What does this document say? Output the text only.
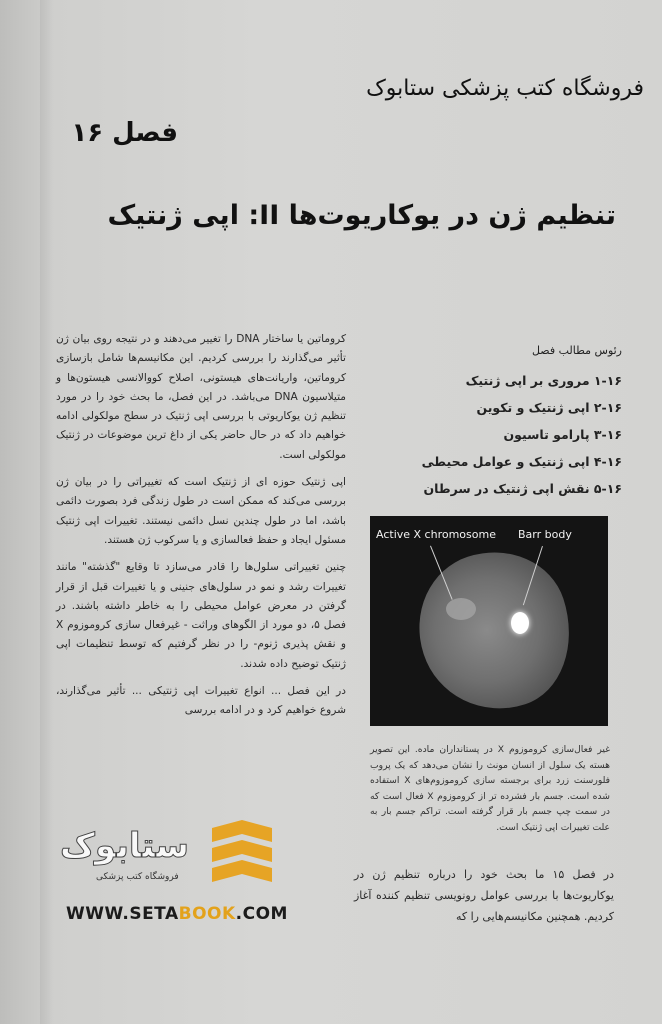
فروشگاه کتب پزشکی ستابوک
فصل ۱۶
تنظیم ژن در یوکاریوت‌ها II: اپی ژنتیک

کروماتین یا ساختار DNA را تغییر می‌دهند و در نتیجه روی بیان ژن تأثیر می‌گذارند را بررسی کردیم. این مکانیسم‌ها شامل بازسازی کروماتین، واریانت‌های هیستونی، اصلاح کووالانسی هیستون‌ها و متیلاسیون DNA می‌باشد. در این فصل، ما بحث خود را در مورد تنظیم ژن یوکاریوتی با بررسی اپی ژنتیک در سطح مولکولی ادامه خواهیم داد که در حال حاضر یکی از داغ ترین موضوعات در ژنتیک مولکولی است.

اپی ژنتیک حوزه ای از ژنتیک است که تغییراتی را در بیان ژن بررسی می‌کند که ممکن است در طول زندگی فرد بصورت دائمی باشد، اما در طول چندین نسل دائمی نیستند. تغییرات اپی ژنتیک مسئول ایجاد و حفظ فعالسازی و یا سرکوب ژن هستند.

چنین تغییراتی سلول‌ها را قادر می‌سازد تا وقایع "گذشته" مانند تغییرات رشد و نمو در سلول‌های جنینی و یا تغییرات قبل از قرار گرفتن در معرض عوامل محیطی را به خاطر داشته باشند. در فصل ۵، دو مورد از الگوهای وراثت - غیرفعال سازی کروموزوم X و نقش پذیری ژنوم- را در نظر گرفتیم که توسط تنظیمات اپی ژنتیک توضیح داده شدند.

در این فصل ... انواع تغییرات اپی ژنتیکی ... تأثیر می‌گذارند، شروع خواهیم کرد و در ادامه بررسی

رئوس مطالب فصل
۱-۱۶ مروری بر اپی ژنتیک
۲-۱۶ اپی ژنتیک و تکوین
۳-۱۶ پارامو تاسیون
۴-۱۶ اپی ژنتیک و عوامل محیطی
۵-۱۶ نقش اپی ژنتیک در سرطان
Active X chromosome Barr body
غیر فعال‌سازی کروموزوم X در پستانداران ماده. این تصویر هسته یک سلول از انسان مونث را نشان می‌دهد که یک پروب فلورسنت زرد برای برجسته سازی کروموزوم‌های X استفاده شده است. جسم بار فشرده تر از کروموزوم X فعال است که در سمت چپ جسم بار قرار گرفته است. تراکم جسم بار به علت تغییرات اپی ژنتیک است.
در فصل ۱۵ ما بحث خود را درباره تنظیم ژن در یوکاریوت‌ها با بررسی عوامل رونویسی تنظیم کننده آغاز کردیم. همچنین مکانیسم‌هایی را که
ستابوک
فروشگاه کتب پزشکی
WWW.SETABOOK.COM
